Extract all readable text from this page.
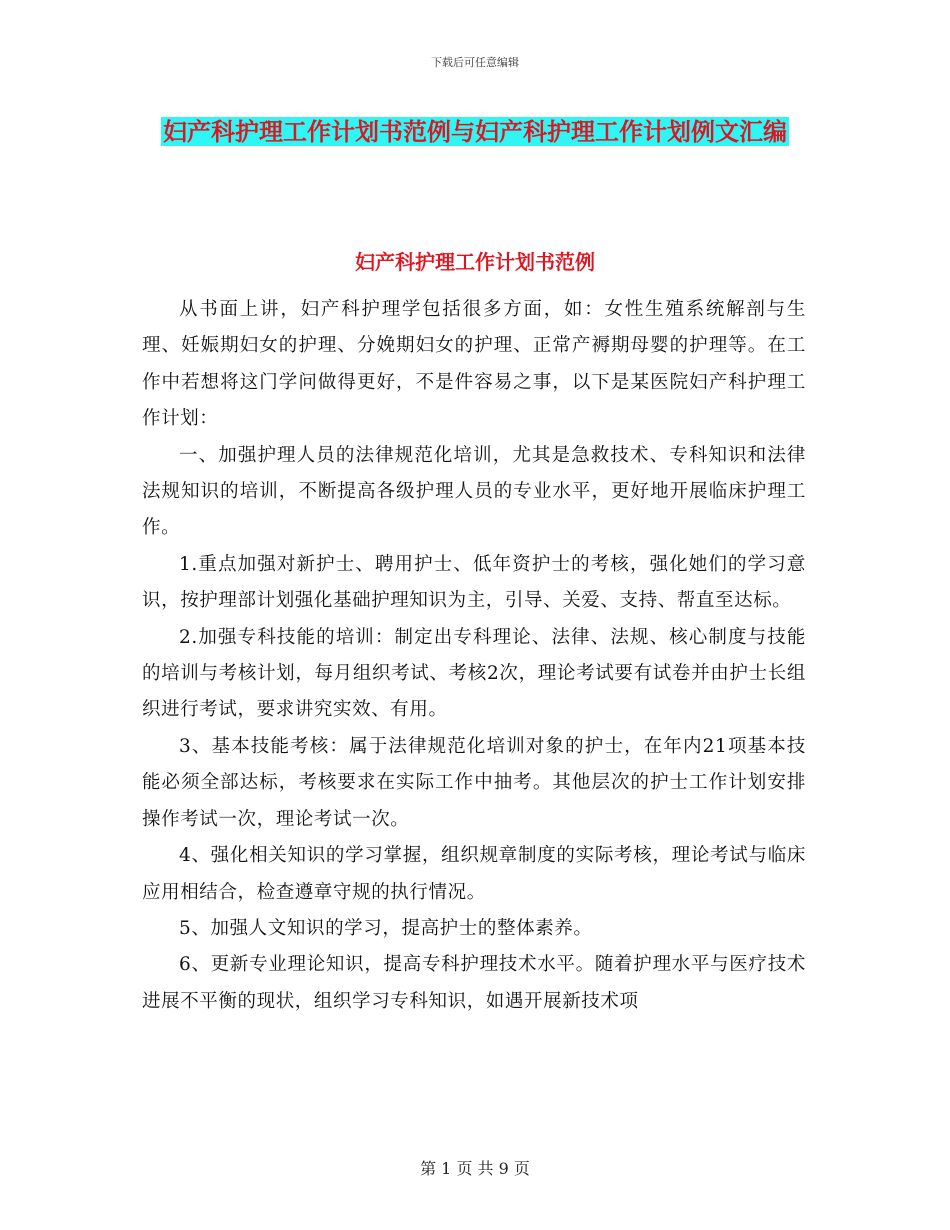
下载后可任意编辑
妇产科护理工作计划书范例与妇产科护理工作计划例文汇编
妇产科护理工作计划书范例

从书面上讲，妇产科护理学包括很多方面，如：女性生殖系统解剖与生理、妊娠期妇女的护理、分娩期妇女的护理、正常产褥期母婴的护理等。在工作中若想将这门学问做得更好，不是件容易之事，以下是某医院妇产科护理工作计划：

一、加强护理人员的法律规范化培训，尤其是急救技术、专科知识和法律法规知识的培训，不断提高各级护理人员的专业水平，更好地开展临床护理工作。

1.重点加强对新护士、聘用护士、低年资护士的考核，强化她们的学习意识，按护理部计划强化基础护理知识为主，引导、关爱、支持、帮直至达标。

2.加强专科技能的培训：制定出专科理论、法律、法规、核心制度与技能的培训与考核计划，每月组织考试、考核2次，理论考试要有试卷并由护士长组织进行考试，要求讲究实效、有用。

3、基本技能考核：属于法律规范化培训对象的护士，在年内21项基本技能必须全部达标，考核要求在实际工作中抽考。其他层次的护士工作计划安排操作考试一次，理论考试一次。

4、强化相关知识的学习掌握，组织规章制度的实际考核，理论考试与临床应用相结合，检查遵章守规的执行情况。

5、加强人文知识的学习，提高护士的整体素养。

6、更新专业理论知识，提高专科护理技术水平。随着护理水平与医疗技术进展不平衡的现状，组织学习专科知识，如遇开展新技术项

第 1 页 共 9 页
